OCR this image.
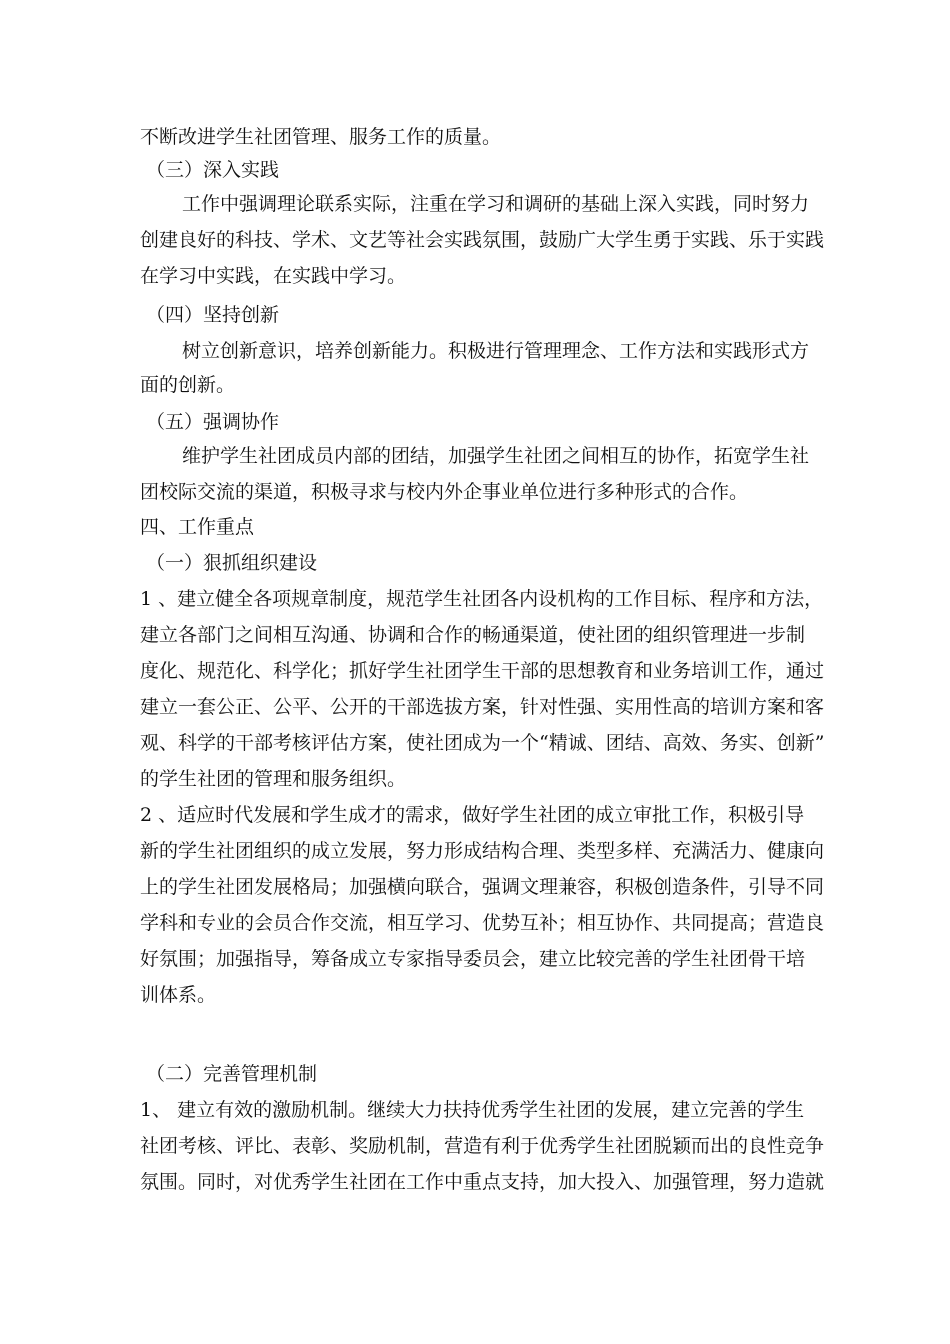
不断改进学生社团管理、服务工作的质量。
（三）深入实践
工作中强调理论联系实际，注重在学习和调研的基础上深入实践，同时努力
创建良好的科技、学术、文艺等社会实践氛围，鼓励广大学生勇于实践、乐于实践
在学习中实践，在实践中学习。
（四）坚持创新
树立创新意识，培养创新能力。积极进行管理理念、工作方法和实践形式方
面的创新。
（五）强调协作
维护学生社团成员内部的团结，加强学生社团之间相互的协作，拓宽学生社
团校际交流的渠道，积极寻求与校内外企事业单位进行多种形式的合作。
四、工作重点
（一）狠抓组织建设
1 、建立健全各项规章制度，规范学生社团各内设机构的工作目标、程序和方法，
建立各部门之间相互沟通、协调和合作的畅通渠道，使社团的组织管理进一步制
度化、规范化、科学化；抓好学生社团学生干部的思想教育和业务培训工作，通过
建立一套公正、公平、公开的干部选拔方案，针对性强、实用性高的培训方案和客
观、科学的干部考核评估方案，使社团成为一个“精诚、团结、高效、务实、创新”
的学生社团的管理和服务组织。
2 、适应时代发展和学生成才的需求，做好学生社团的成立审批工作，积极引导
新的学生社团组织的成立发展，努力形成结构合理、类型多样、充满活力、健康向
上的学生社团发展格局；加强横向联合，强调文理兼容，积极创造条件，引导不同
学科和专业的会员合作交流，相互学习、优势互补；相互协作、共同提高；营造良
好氛围；加强指导，筹备成立专家指导委员会，建立比较完善的学生社团骨干培
训体系。
（二）完善管理机制
1、 建立有效的激励机制。继续大力扶持优秀学生社团的发展，建立完善的学生
社团考核、评比、表彰、奖励机制，营造有利于优秀学生社团脱颖而出的良性竞争
氛围。同时，对优秀学生社团在工作中重点支持，加大投入、加强管理，努力造就
